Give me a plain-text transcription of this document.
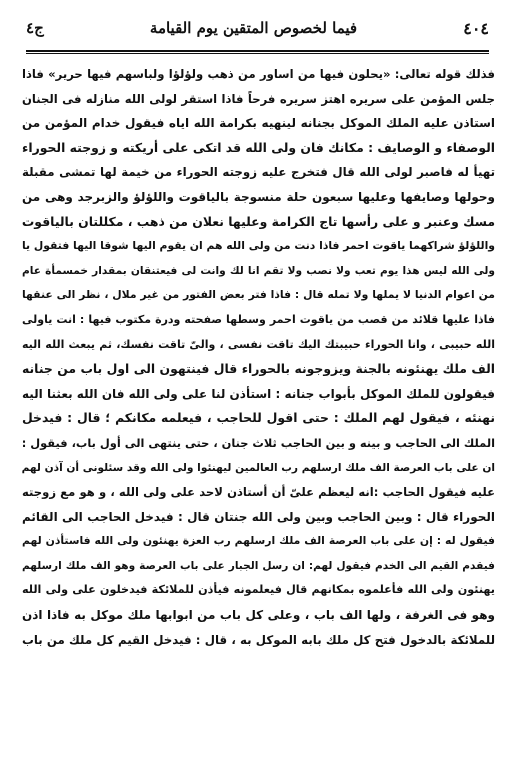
ج٤	فيما لخصوص المتقين يوم القيامة	٤٠٤
فذلك قوله تعالى: «يحلون فيها من اساور من ذهب ولؤلؤا ولباسهم فيها حرير» فاذا
جلس المؤمن على سريره اهتز سريره فرحاً فاذا استقر لولى الله منازله فى الجنان
استاذن عليه الملك الموكل بجنانه لينهيه بكرامة الله اياه فيقول خدام المؤمن من
الوصفاء و الوصايف : مكانك فان ولى الله قد اتكى على أريكته و زوجته الحوراء
تهيأ له فاصبر لولى الله قال فتخرج عليه زوجته الحوراء من خيمة لها تمشى مقبلة
وحولها وصايفها وعليها سبعون حلة منسوجة بالياقوت واللؤلؤ والزبرجد وهى من
مسك وعنبر و على رأسها تاج الكرامة وعليها نعلان من ذهب ، مكللتان بالياقوت
واللؤلؤ شراكهما ياقوت احمر فاذا دنت من ولى الله هم ان يقوم اليها شوقا اليها فتقول يا
ولى الله ليس هذا يوم تعب ولا نصب ولا تقم انا لك وانت لى فيعتنقان بمقدار خمسمأة عام
من اعوام الدنيا لا يملها ولا تمله قال : فاذا فتر بعض الفتور من غير ملال ، نظر الى عنقها
فاذا عليها قلائد من قصب من ياقوت احمر وسطها صفحته ودرة مكتوب فيها : انت ياولى
الله حبيبى ، وانا الحوراء حبيبتك اليك تاقت نفسى ، والىّ تاقت نفسك، ثم يبعث الله اليه
الف ملك يهنئونه بالجنة ويزوجونه بالحوراء قال فينتهون الى اول باب من جنانه
فيقولون للملك الموكل بأبواب جنانه : استأذن لنا على ولى الله فان الله بعثنا اليه
نهنئه ، فيقول لهم الملك : حتى اقول للحاجب ، فيعلمه مكانكم ؛ قال : فيدخل
الملك الى الحاجب و بينه و بين الحاجب ثلاث جنان ، حتى ينتهى الى أول باب، فيقول :
ان على باب العرصة الف ملك ارسلهم رب العالمين ليهنئوا ولى الله وقد سئلونى أن آذن لهم
عليه فيقول الحاجب :انه ليعظم علىّ أن أستاذن لاحد على ولى الله ، و هو مع زوجته
الحوراء قال : وبين الحاجب وبين ولى الله جنتان قال : فيدخل الحاجب الى القائم
فيقول له : إن على باب العرصة الف ملك ارسلهم رب العزة يهنئون ولى الله فاستأذن لهم
فيقدم القيم الى الخدم فيقول لهم: ان رسل الجبار على باب العرصة وهو الف ملك ارسلهم
يهنئون ولى الله فأعلموه بمكانهم قال فيعلمونه فيأذن للملائكة فيدخلون على ولى الله
وهو فى الغرفة ، ولها الف باب ، وعلى كل باب من ابوابها ملك موكل به فاذا اذن
للملائكة بالدخول فتح كل ملك بابه الموكل به ، قال : فيدخل القيم كل ملك من باب
